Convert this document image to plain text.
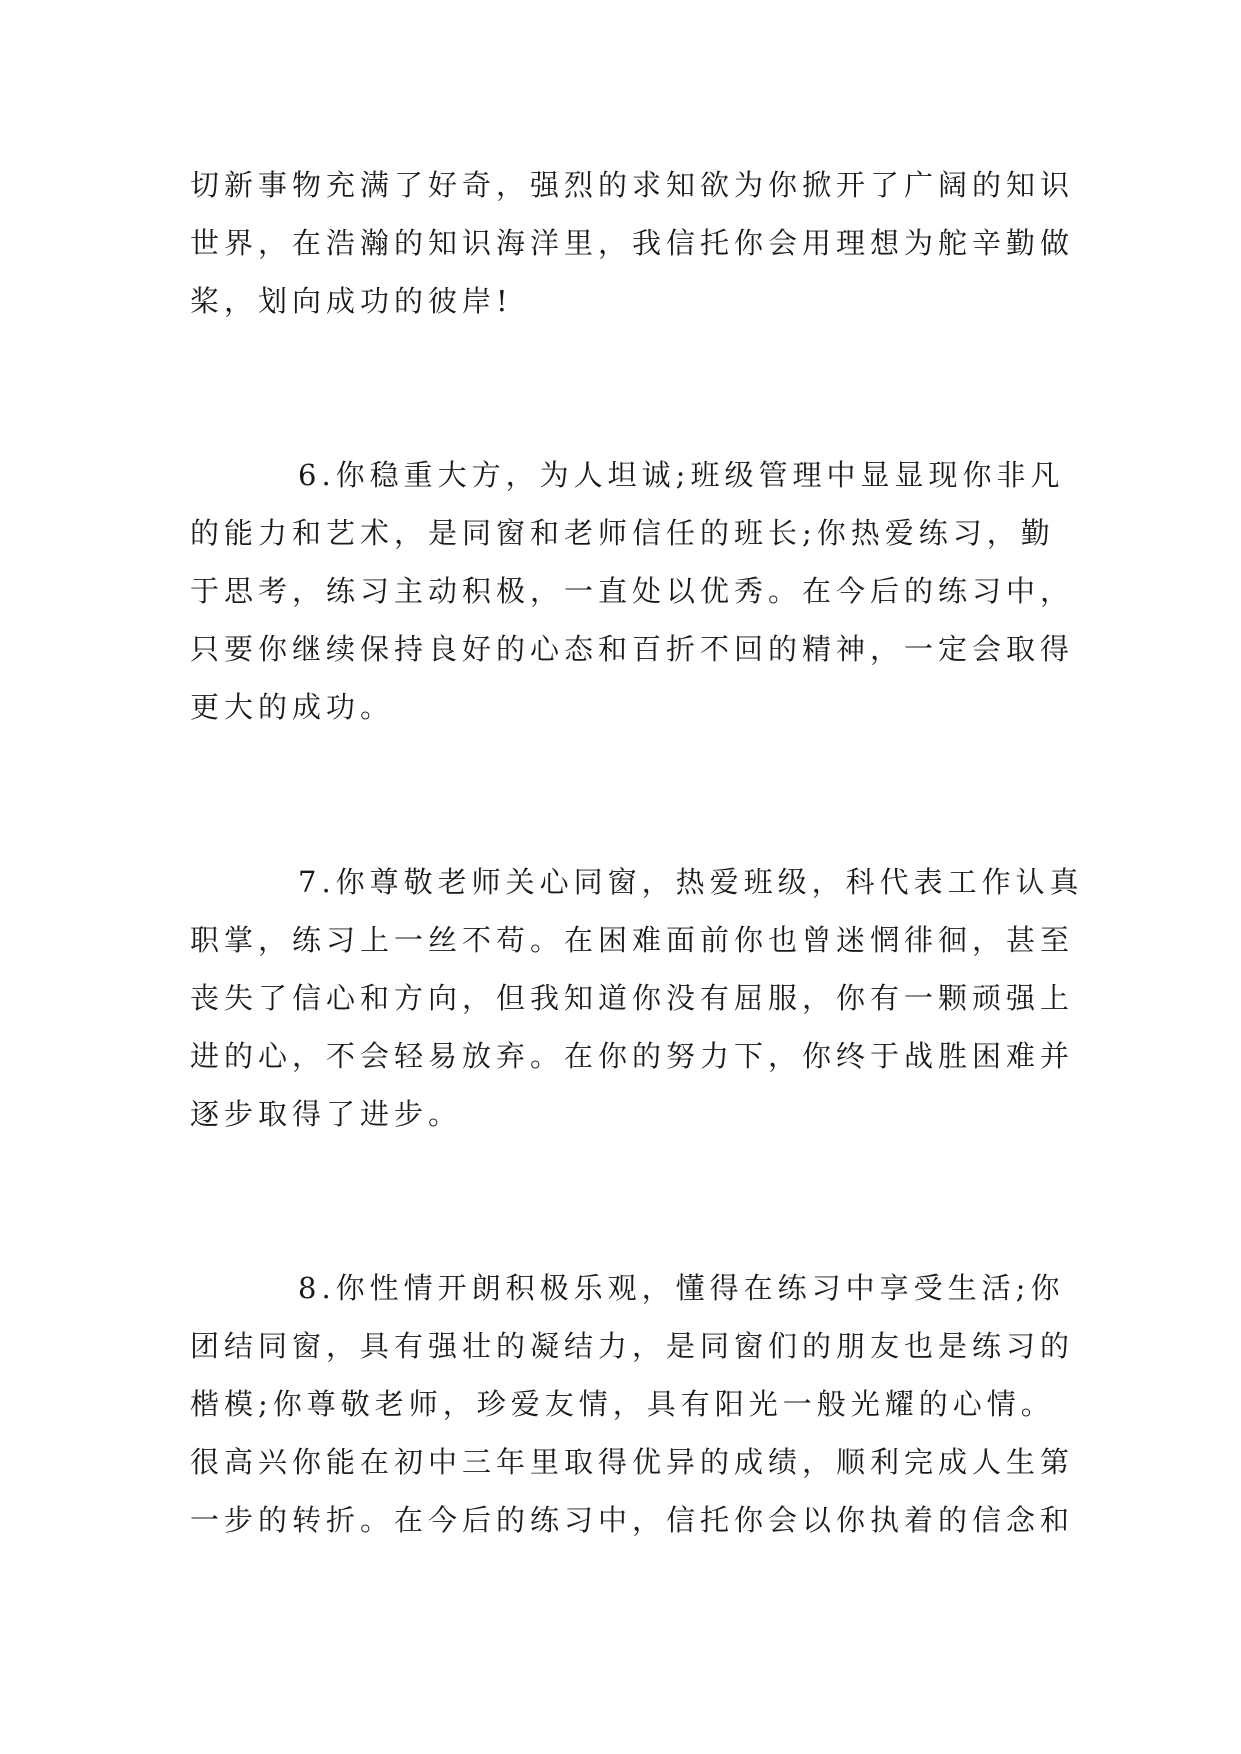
切新事物充满了好奇，强烈的求知欲为你掀开了广阔的知识
世界，在浩瀚的知识海洋里，我信托你会用理想为舵辛勤做
桨，划向成功的彼岸!
6.你稳重大方，为人坦诚;班级管理中显显现你非凡
的能力和艺术，是同窗和老师信任的班长;你热爱练习，勤
于思考，练习主动积极，一直处以优秀。在今后的练习中，
只要你继续保持良好的心态和百折不回的精神，一定会取得
更大的成功。
7.你尊敬老师关心同窗，热爱班级，科代表工作认真
职掌，练习上一丝不苟。在困难面前你也曾迷惘徘徊，甚至
丧失了信心和方向，但我知道你没有屈服，你有一颗顽强上
进的心，不会轻易放弃。在你的努力下，你终于战胜困难并
逐步取得了进步。
8.你性情开朗积极乐观，懂得在练习中享受生活;你
团结同窗，具有强壮的凝结力，是同窗们的朋友也是练习的
楷模;你尊敬老师，珍爱友情，具有阳光一般光耀的心情。
很高兴你能在初中三年里取得优异的成绩，顺利完成人生第
一步的转折。在今后的练习中，信托你会以你执着的信念和
